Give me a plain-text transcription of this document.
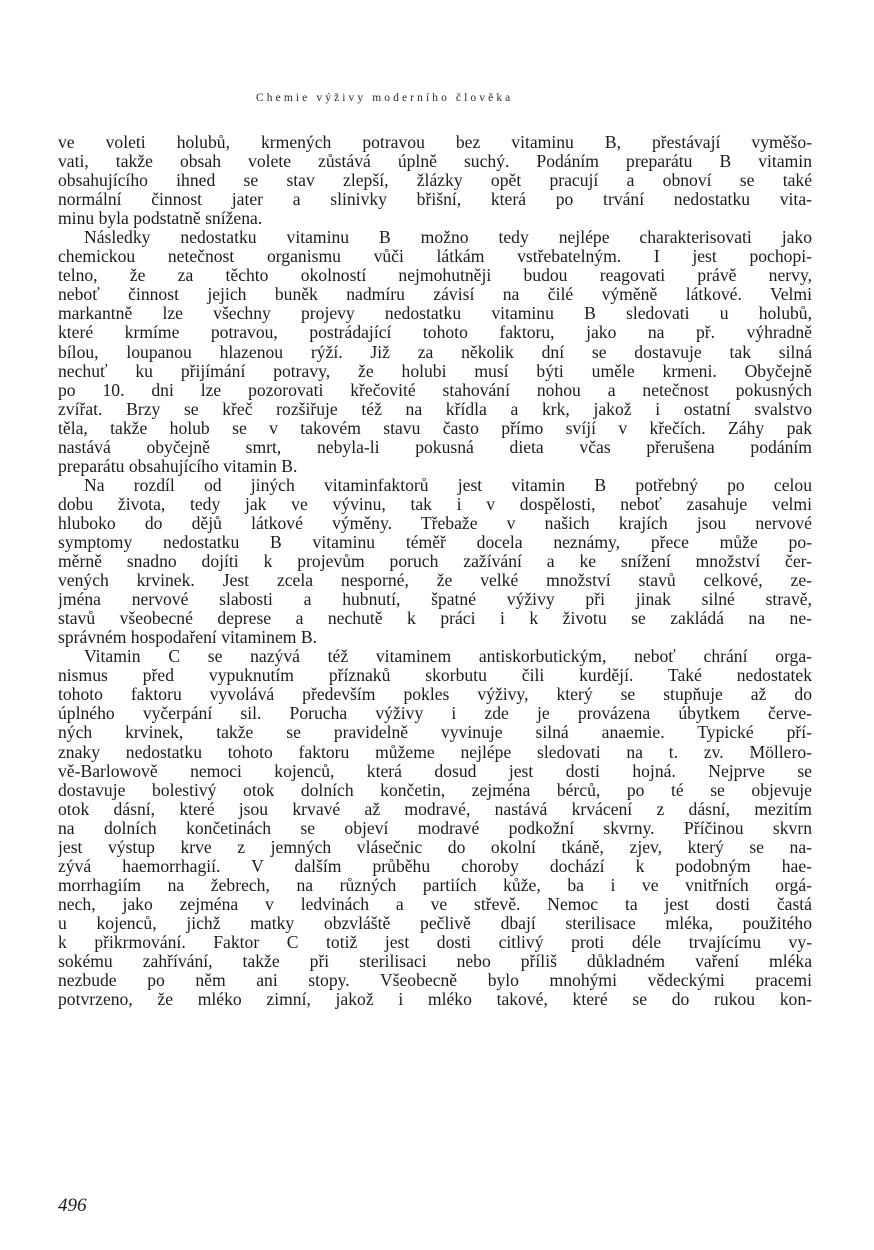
Chemie výživy moderního člověka
ve voleti holubů, krmených potravou bez vitaminu B, přestávají vyměšo-
vati, takže obsah volete zůstává úplně suchý. Podáním preparátu B vitamin
obsahujícího ihned se stav zlepší, žlázky opět pracují a obnoví se také
normální činnost jater a slinivky břišní, která po trvání nedostatku vita-
minu byla podstatně snížena.
Následky nedostatku vitaminu B možno tedy nejlépe charakterisovati jako
chemickou netečnost organismu vůči látkám vstřebatelným. I jest pochopi-
telno, že za těchto okolností nejmohutněji budou reagovati právě nervy,
neboť činnost jejich buněk nadmíru závisí na čilé výměně látkové. Velmi
markantně lze všechny projevy nedostatku vitaminu B sledovati u holubů,
které krmíme potravou, postrádající tohoto faktoru, jako na př. výhradně
bílou, loupanou hlazenou rýží. Již za několik dní se dostavuje tak silná
nechuť ku přijímání potravy, že holubi musí býti uměle krmeni. Obyčejně
po 10. dni lze pozorovati křečovité stahování nohou a netečnost pokusných
zvířat. Brzy se křeč rozšiřuje též na křídla a krk, jakož i ostatní svalstvo
těla, takže holub se v takovém stavu často přímo svíjí v křečích. Záhy pak
nastává obyčejně smrt, nebyla-li pokusná dieta včas přerušena podáním
preparátu obsahujícího vitamin B.
Na rozdíl od jiných vitaminfaktorů jest vitamin B potřebný po celou
dobu života, tedy jak ve vývinu, tak i v dospělosti, neboť zasahuje velmi
hluboko do dějů látkové výměny. Třebaže v našich krajích jsou nervové
symptomy nedostatku B vitaminu téměř docela neznámy, přece může po-
měrně snadno dojíti k projevům poruch zažívání a ke snížení množství čer-
vených krvinek. Jest zcela nesporné, že velké množství stavů celkové, ze-
jména nervové slabosti a hubnutí, špatné výživy při jinak silné stravě,
stavů všeobecné deprese a nechutě k práci i k životu se zakládá na ne-
správném hospodaření vitaminem B.
Vitamin C se nazývá též vitaminem antiskorbutickým, neboť chrání orga-
nismus před vypuknutím příznaků skorbutu čili kurdějí. Také nedostatek
tohoto faktoru vyvolává především pokles výživy, který se stupňuje až do
úplného vyčerpání sil. Porucha výživy i zde je provázena úbytkem červe-
ných krvinek, takže se pravidelně vyvinuje silná anaemie. Typické pří-
znaky nedostatku tohoto faktoru můžeme nejlépe sledovati na t. zv. Möllero-
vě-Barlowově nemoci kojenců, která dosud jest dosti hojná. Nejprve se
dostavuje bolestivý otok dolních končetin, zejména bérců, po té se objevuje
otok dásní, které jsou krvavé až modravé, nastává krvácení z dásní, mezitím
na dolních končetinách se objeví modravé podkožní skvrny. Příčinou skvrn
jest výstup krve z jemných vlásečnic do okolní tkáně, zjev, který se na-
zývá haemorrhagií. V dalším průběhu choroby dochází k podobným hae-
morrhagiím na žebrech, na různých partiích kůže, ba i ve vnitřních orgá-
nech, jako zejména v ledvinách a ve střevě. Nemoc ta jest dosti častá
u kojenců, jichž matky obzvláště pečlivě dbají sterilisace mléka, použitého
k přikrmování. Faktor C totiž jest dosti citlivý proti déle trvajícímu vy-
sokému zahřívání, takže při sterilisaci nebo příliš důkladném vaření mléka
nezbude po něm ani stopy. Všeobecně bylo mnohými vědeckými pracemi
potvrzeno, že mléko zimní, jakož i mléko takové, které se do rukou kon-
496
